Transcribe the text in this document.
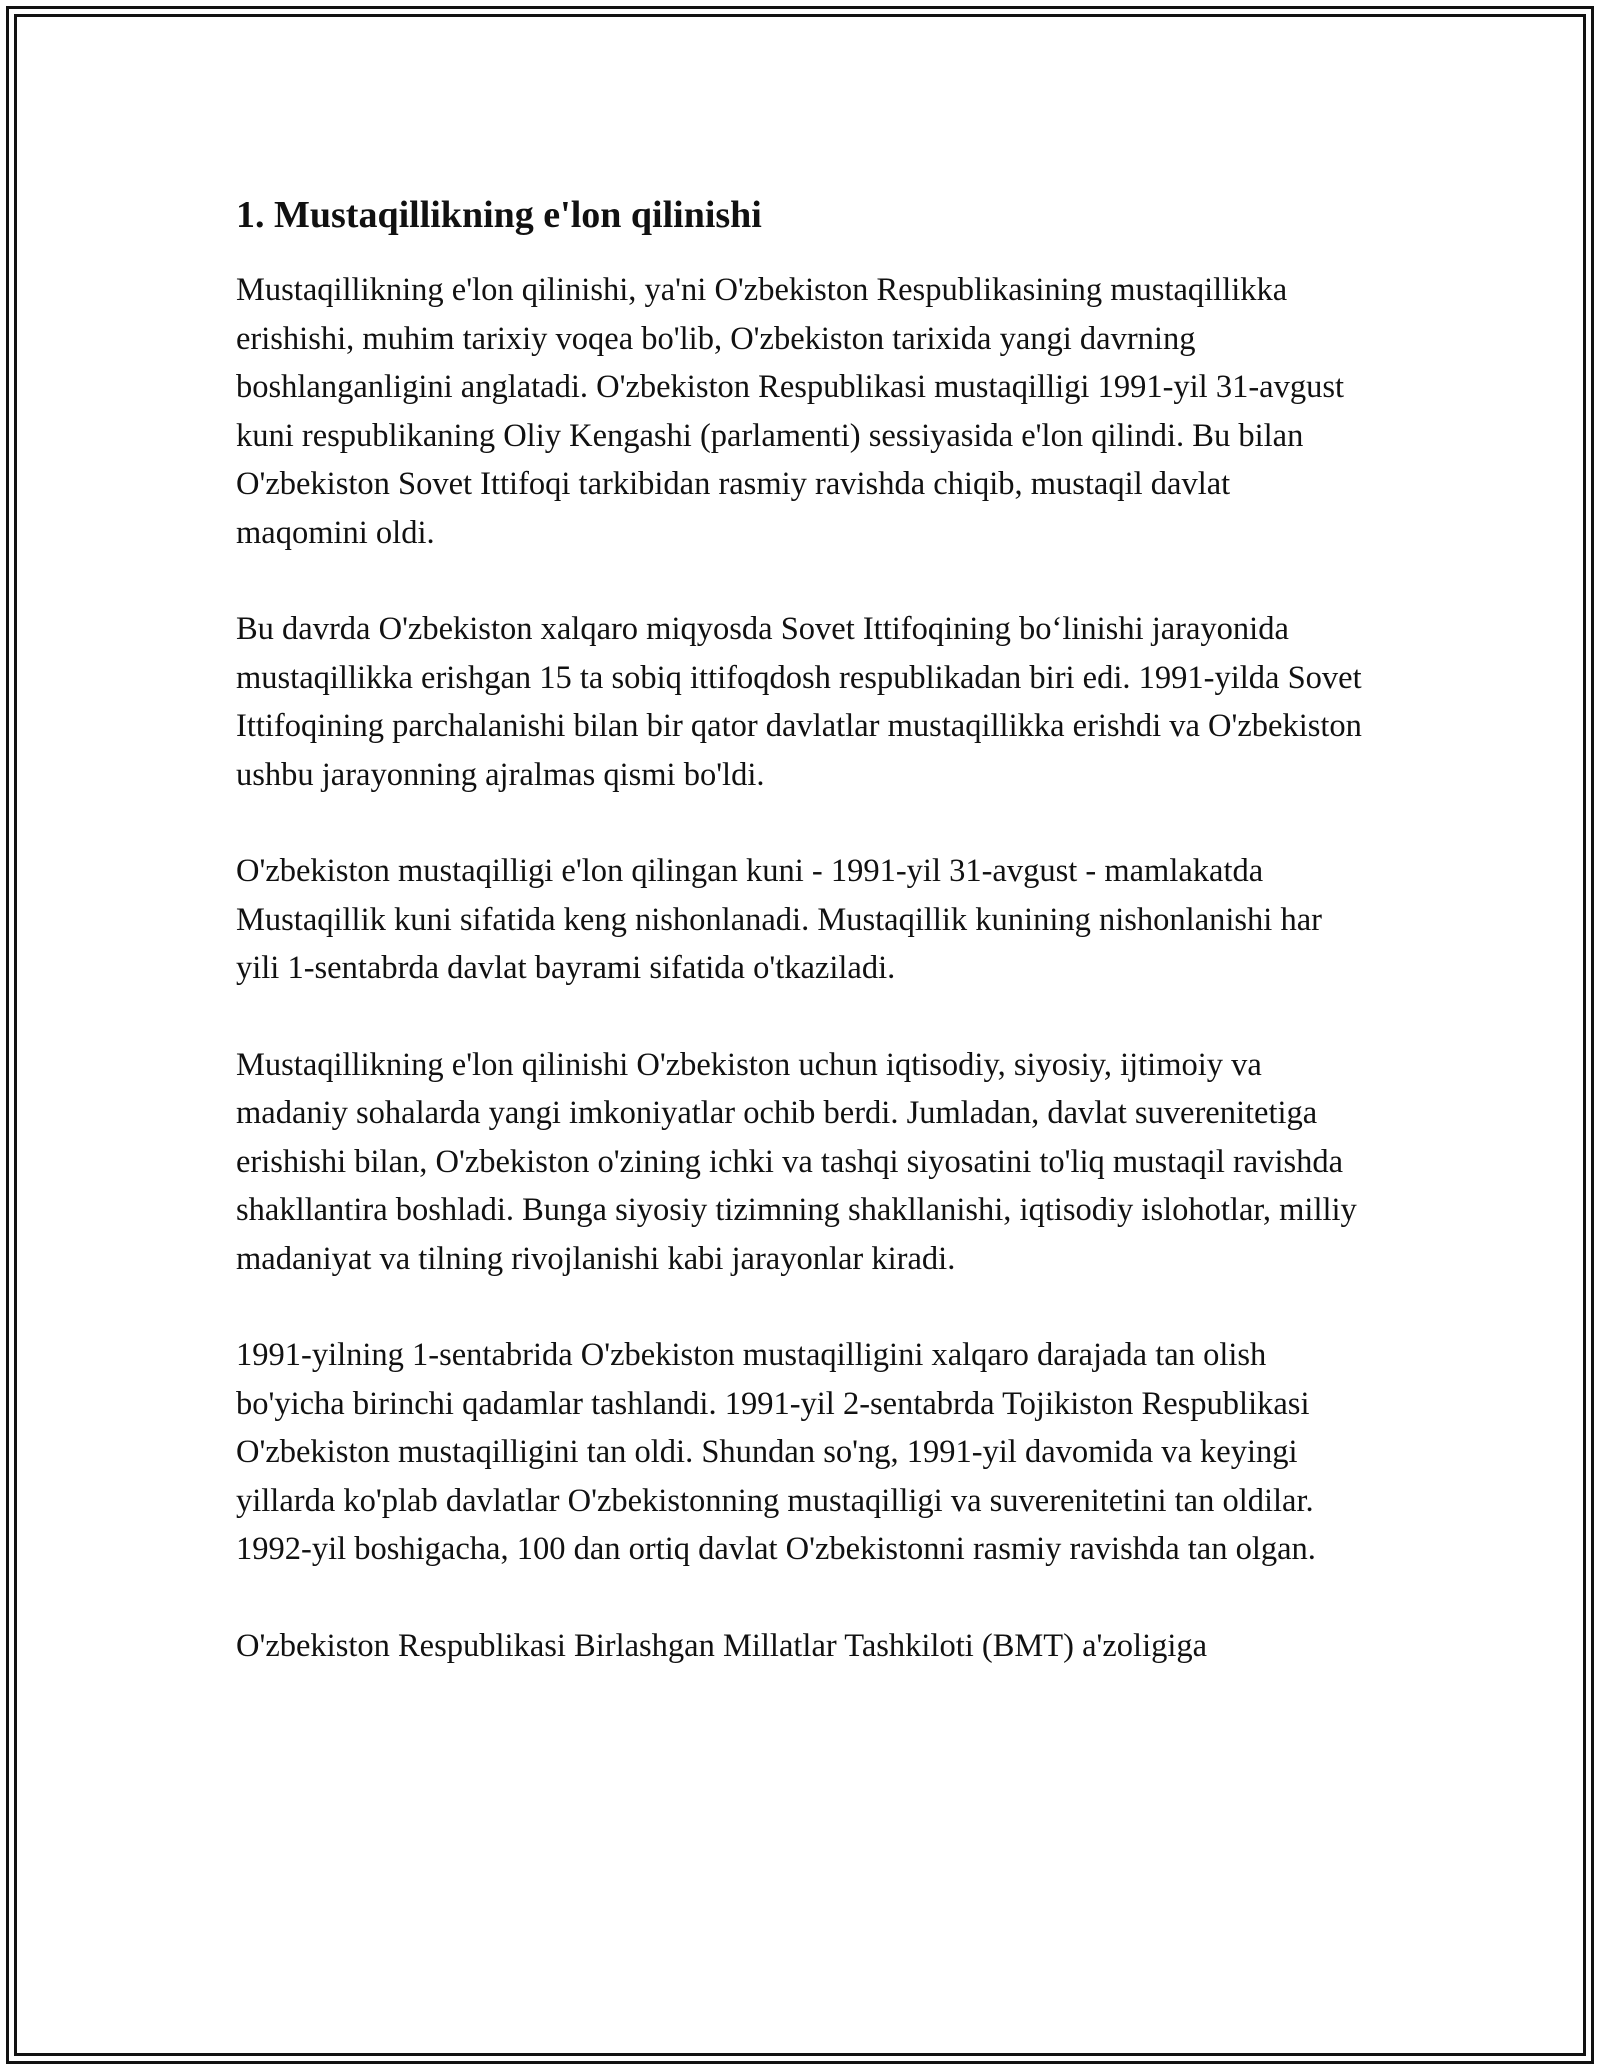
1. Mustaqillikning e'lon qilinishi

Mustaqillikning e'lon qilinishi, ya'ni O'zbekiston Respublikasining mustaqillikka erishishi, muhim tarixiy voqea bo'lib, O'zbekiston tarixida yangi davrning boshlanganligini anglatadi. O'zbekiston Respublikasi mustaqilligi 1991-yil 31-avgust kuni respublikaning Oliy Kengashi (parlamenti) sessiyasida e'lon qilindi. Bu bilan O'zbekiston Sovet Ittifoqi tarkibidan rasmiy ravishda chiqib, mustaqil davlat maqomini oldi.

Bu davrda O'zbekiston xalqaro miqyosda Sovet Ittifoqining bo‘linishi jarayonida mustaqillikka erishgan 15 ta sobiq ittifoqdosh respublikadan biri edi. 1991-yilda Sovet Ittifoqining parchalanishi bilan bir qator davlatlar mustaqillikka erishdi va O'zbekiston ushbu jarayonning ajralmas qismi bo'ldi.

O'zbekiston mustaqilligi e'lon qilingan kuni - 1991-yil 31-avgust - mamlakatda Mustaqillik kuni sifatida keng nishonlanadi. Mustaqillik kunining nishonlanishi har yili 1-sentabrda davlat bayrami sifatida o'tkaziladi.

Mustaqillikning e'lon qilinishi O'zbekiston uchun iqtisodiy, siyosiy, ijtimoiy va madaniy sohalarda yangi imkoniyatlar ochib berdi. Jumladan, davlat suverenitetiga erishishi bilan, O'zbekiston o'zining ichki va tashqi siyosatini to'liq mustaqil ravishda shakllantira boshladi. Bunga siyosiy tizimning shakllanishi, iqtisodiy islohotlar, milliy madaniyat va tilning rivojlanishi kabi jarayonlar kiradi.

1991-yilning 1-sentabrida O'zbekiston mustaqilligini xalqaro darajada tan olish bo'yicha birinchi qadamlar tashlandi. 1991-yil 2-sentabrda Tojikiston Respublikasi O'zbekiston mustaqilligini tan oldi. Shundan so'ng, 1991-yil davomida va keyingi yillarda ko'plab davlatlar O'zbekistonning mustaqilligi va suverenitetini tan oldilar. 1992-yil boshigacha, 100 dan ortiq davlat O'zbekistonni rasmiy ravishda tan olgan.

O'zbekiston Respublikasi Birlashgan Millatlar Tashkiloti (BMT) a'zoligiga
